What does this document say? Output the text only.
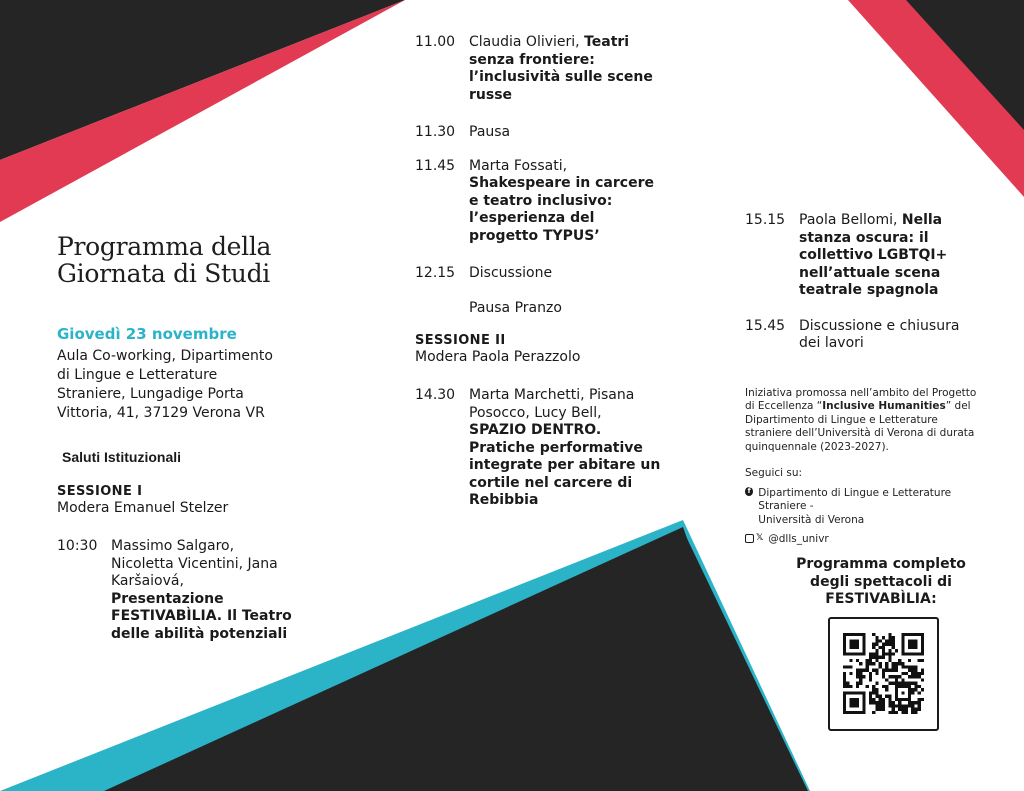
Programma della
Giornata di Studi
Giovedì 23 novembre
Aula Co-working, Dipartimento
di Lingue e Letterature
Straniere, Lungadige Porta
Vittoria, 41, 37129 Verona VR
Saluti Istituzionali
SESSIONE I
Modera Emanuel Stelzer
10:30 Massimo Salgaro,
Nicoletta Vicentini, Jana
Karšaiová,
Presentazione
FESTIVABÌLIA. Il Teatro
delle abilità potenziali
11.00 Claudia Olivieri, Teatri
senza frontiere:
l’inclusività sulle scene
russe
11.30 Pausa
11.45 Marta Fossati,
Shakespeare in carcere
e teatro inclusivo:
l’esperienza del
progetto TYPUS’
12.15 Discussione
Pausa Pranzo
SESSIONE II
Modera Paola Perazzolo
14.30 Marta Marchetti, Pisana
Posocco, Lucy Bell,
SPAZIO DENTRO.
Pratiche performative
integrate per abitare un
cortile nel carcere di
Rebibbia
15.15 Paola Bellomi, Nella
stanza oscura: il
collettivo LGBTQI+
nell’attuale scena
teatrale spagnola
15.45 Discussione e chiusura
dei lavori
Iniziativa promossa nell’ambito del Progetto di Eccellenza “Inclusive Humanities” del Dipartimento di Lingue e Letterature straniere dell’Università di Verona di durata quinquennale (2023-2027).
Seguici su:
f Dipartimento di Lingue e Letterature Straniere -
Università di Verona
𝕏 @dlls_univr
Programma completo
degli spettacoli di
FESTIVABÌLIA:
